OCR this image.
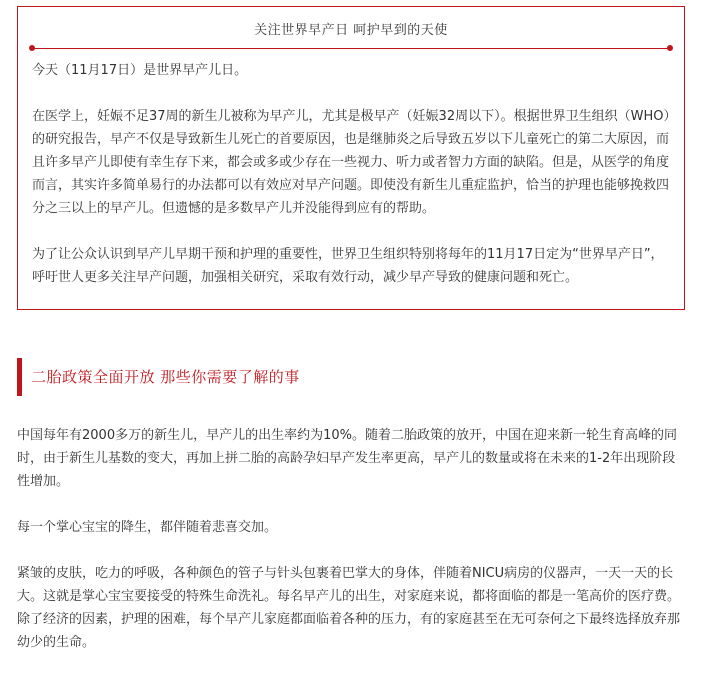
关注世界早产日 呵护早到的天使

今天（11月17日）是世界早产儿日。

在医学上，妊娠不足37周的新生儿被称为早产儿，尤其是极早产（妊娠32周以下）。根据世界卫生组织（WHO）的研究报告，早产不仅是导致新生儿死亡的首要原因，也是继肺炎之后导致五岁以下儿童死亡的第二大原因，而且许多早产儿即使有幸生存下来，都会或多或少存在一些视力、听力或者智力方面的缺陷。但是，从医学的角度而言，其实许多简单易行的办法都可以有效应对早产问题。即使没有新生儿重症监护，恰当的护理也能够挽救四分之三以上的早产儿。但遗憾的是多数早产儿并没能得到应有的帮助。

为了让公众认识到早产儿早期干预和护理的重要性，世界卫生组织特别将每年的11月17日定为“世界早产日”，呼吁世人更多关注早产问题，加强相关研究，采取有效行动，减少早产导致的健康问题和死亡。

二胎政策全面开放 那些你需要了解的事

中国每年有2000多万的新生儿，早产儿的出生率约为10%。随着二胎政策的放开，中国在迎来新一轮生育高峰的同时，由于新生儿基数的变大，再加上拼二胎的高龄孕妇早产发生率更高，早产儿的数量或将在未来的1-2年出现阶段性增加。

每一个掌心宝宝的降生，都伴随着悲喜交加。

紧皱的皮肤，吃力的呼吸，各种颜色的管子与针头包裹着巴掌大的身体，伴随着NICU病房的仪器声，一天一天的长大。这就是掌心宝宝要接受的特殊生命洗礼。每名早产儿的出生，对家庭来说，都将面临的都是一笔高价的医疗费。除了经济的因素，护理的困难，每个早产儿家庭都面临着各种的压力，有的家庭甚至在无可奈何之下最终选择放弃那幼少的生命。
